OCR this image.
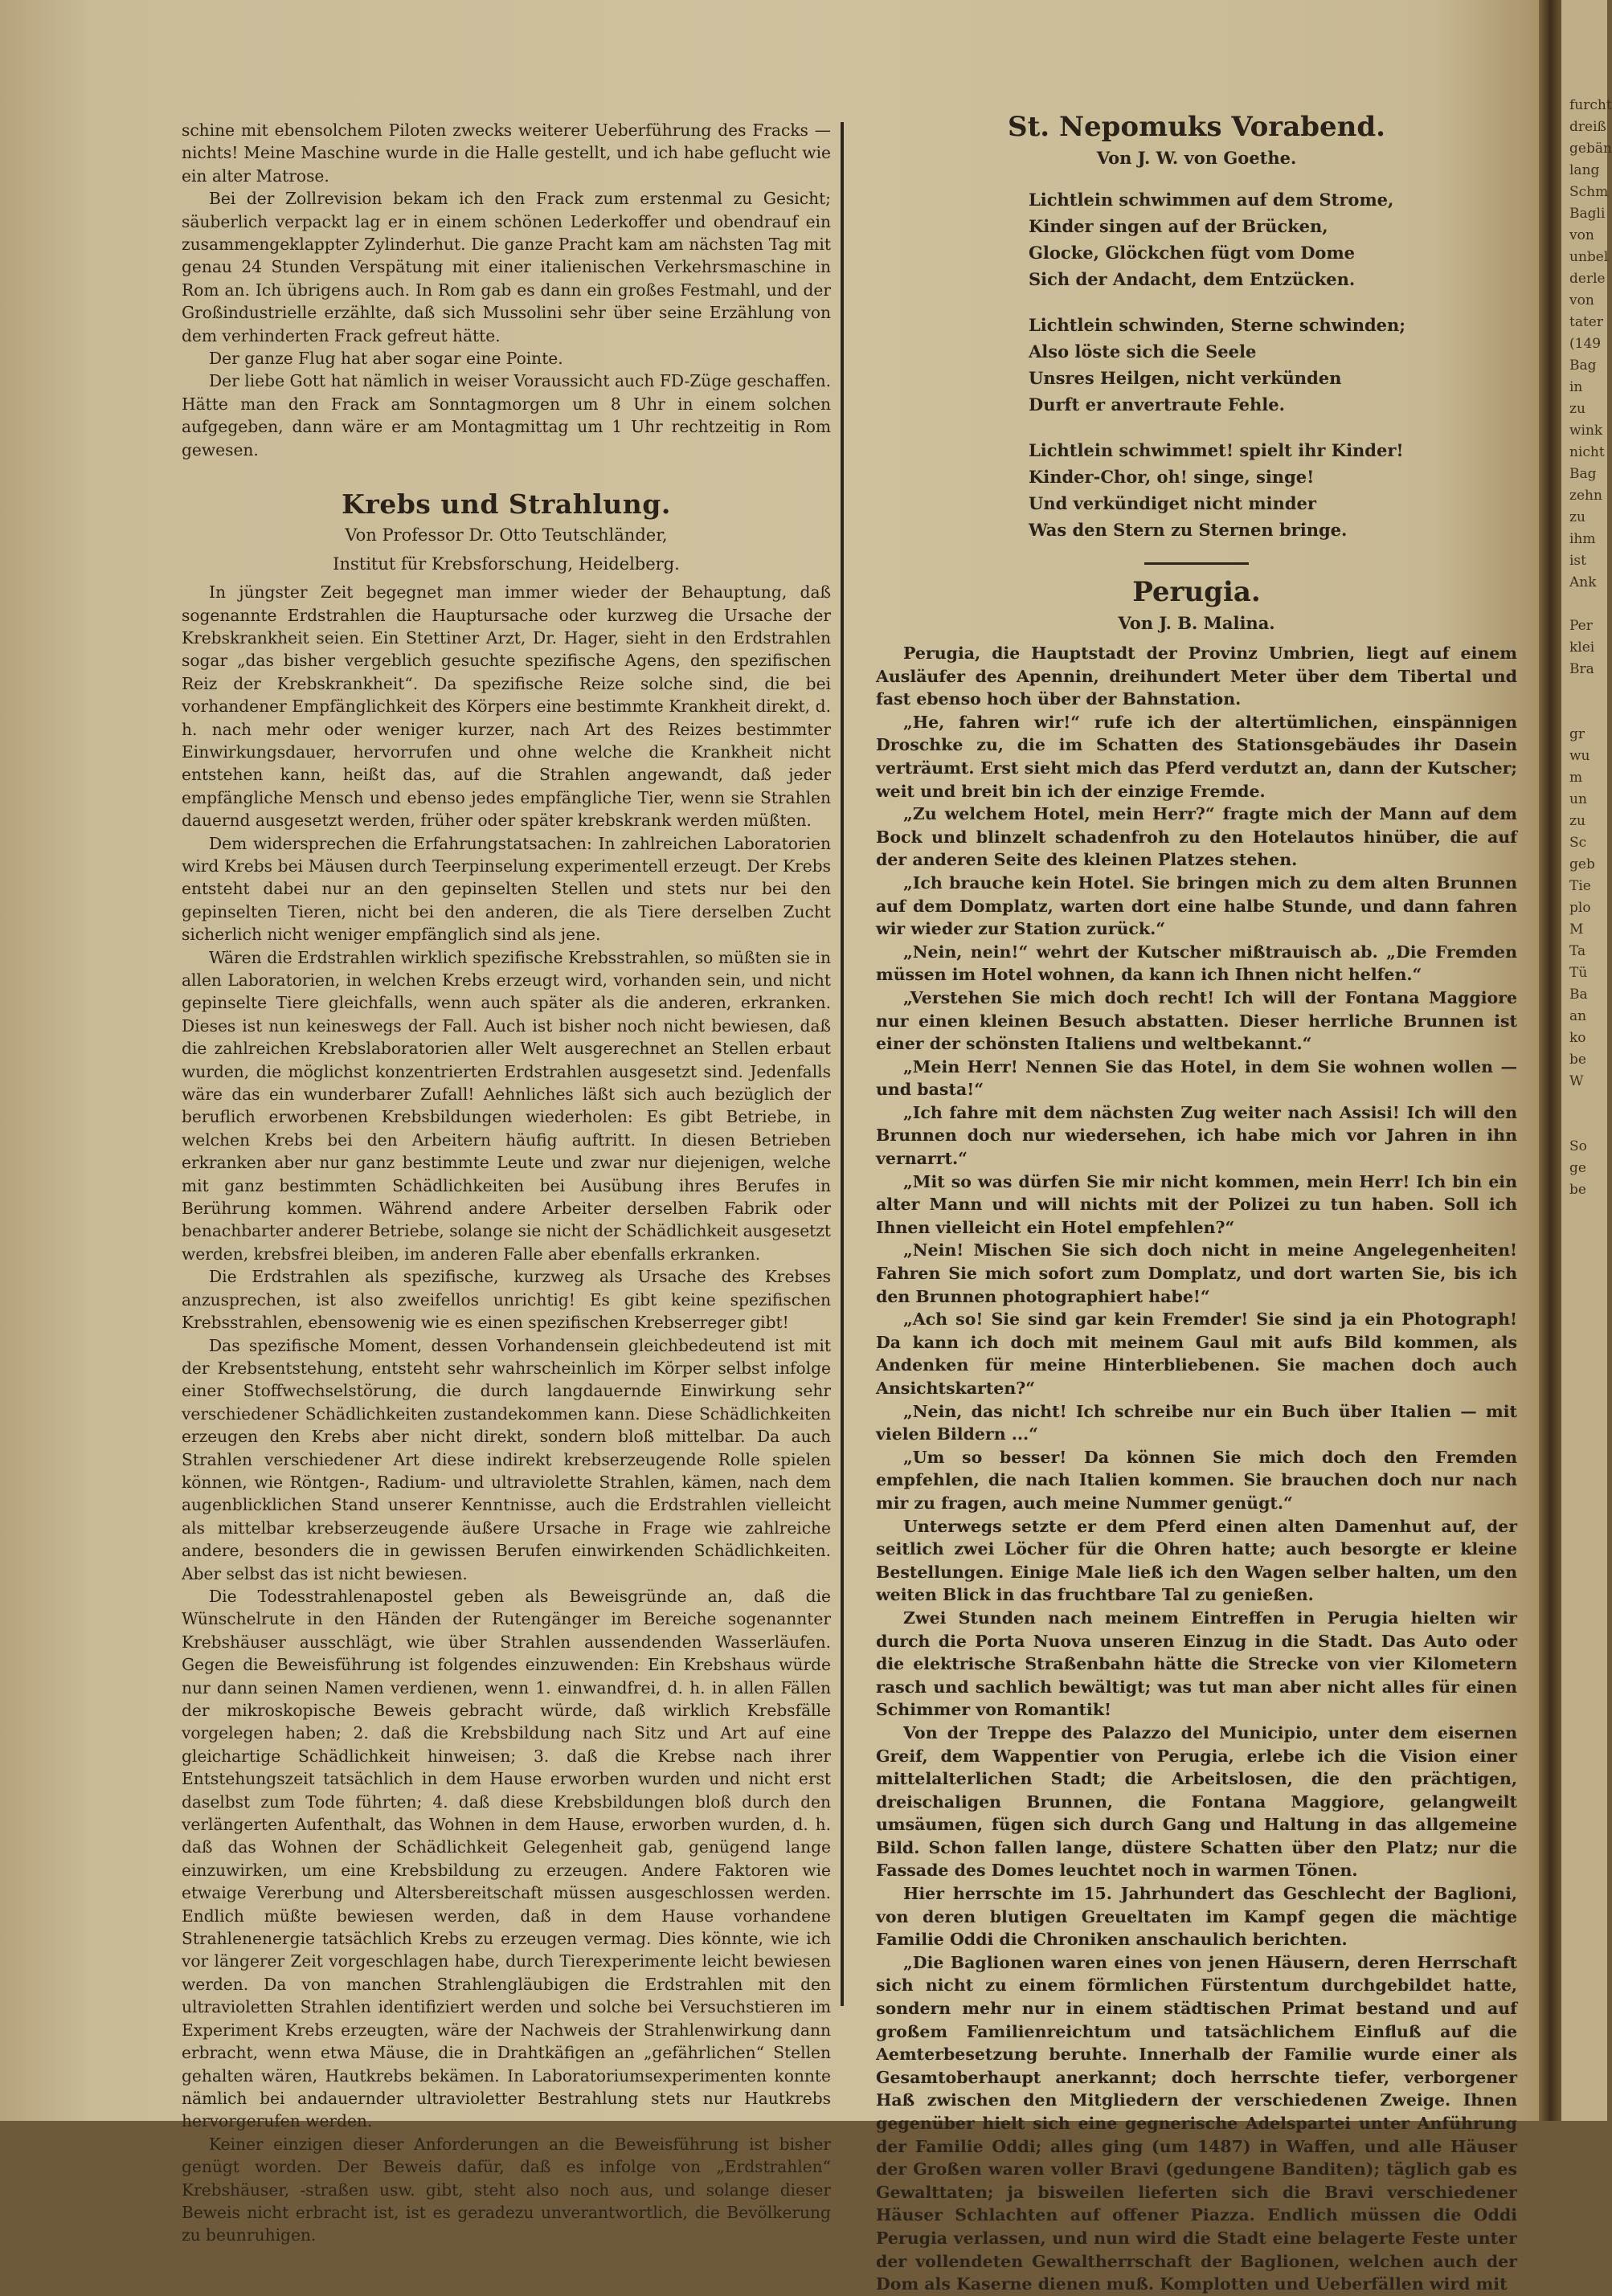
schine mit ebensolchem Piloten zwecks weiterer Ueberführung des Fracks — nichts! Meine Maschine wurde in die Halle gestellt, und ich habe geflucht wie ein alter Matrose.

Bei der Zollrevision bekam ich den Frack zum erstenmal zu Gesicht; säuberlich verpackt lag er in einem schönen Lederkoffer und obendrauf ein zusammengeklappter Zylinderhut. Die ganze Pracht kam am nächsten Tag mit genau 24 Stunden Verspätung mit einer italienischen Verkehrsmaschine in Rom an. Ich übrigens auch. In Rom gab es dann ein großes Festmahl, und der Großindustrielle erzählte, daß sich Mussolini sehr über seine Erzählung von dem verhinderten Frack gefreut hätte.

Der ganze Flug hat aber sogar eine Pointe.

Der liebe Gott hat nämlich in weiser Voraussicht auch FD-Züge geschaffen. Hätte man den Frack am Sonntagmorgen um 8 Uhr in einem solchen aufgegeben, dann wäre er am Montagmittag um 1 Uhr rechtzeitig in Rom gewesen.

Krebs und Strahlung.
Von Professor Dr. Otto Teutschländer,
Institut für Krebsforschung, Heidelberg.

In jüngster Zeit begegnet man immer wieder der Behauptung, daß sogenannte Erdstrahlen die Hauptursache oder kurzweg die Ursache der Krebskrankheit seien. Ein Stettiner Arzt, Dr. Hager, sieht in den Erdstrahlen sogar „das bisher vergeblich gesuchte spezifische Agens, den spezifischen Reiz der Krebskrankheit“. Da spezifische Reize solche sind, die bei vorhandener Empfänglichkeit des Körpers eine bestimmte Krankheit direkt, d. h. nach mehr oder weniger kurzer, nach Art des Reizes bestimmter Einwirkungsdauer, hervorrufen und ohne welche die Krankheit nicht entstehen kann, heißt das, auf die Strahlen angewandt, daß jeder empfängliche Mensch und ebenso jedes empfängliche Tier, wenn sie Strahlen dauernd ausgesetzt werden, früher oder später krebskrank werden müßten.

Dem widersprechen die Erfahrungstatsachen: In zahlreichen Laboratorien wird Krebs bei Mäusen durch Teerpinselung experimentell erzeugt. Der Krebs entsteht dabei nur an den gepinselten Stellen und stets nur bei den gepinselten Tieren, nicht bei den anderen, die als Tiere derselben Zucht sicherlich nicht weniger empfänglich sind als jene.

Wären die Erdstrahlen wirklich spezifische Krebsstrahlen, so müßten sie in allen Laboratorien, in welchen Krebs erzeugt wird, vorhanden sein, und nicht gepinselte Tiere gleichfalls, wenn auch später als die anderen, erkranken. Dieses ist nun keineswegs der Fall. Auch ist bisher noch nicht bewiesen, daß die zahlreichen Krebslaboratorien aller Welt ausgerechnet an Stellen erbaut wurden, die möglichst konzentrierten Erdstrahlen ausgesetzt sind. Jedenfalls wäre das ein wunderbarer Zufall! Aehnliches läßt sich auch bezüglich der beruflich erworbenen Krebsbildungen wiederholen: Es gibt Betriebe, in welchen Krebs bei den Arbeitern häufig auftritt. In diesen Betrieben erkranken aber nur ganz bestimmte Leute und zwar nur diejenigen, welche mit ganz bestimmten Schädlichkeiten bei Ausübung ihres Berufes in Berührung kommen. Während andere Arbeiter derselben Fabrik oder benachbarter anderer Betriebe, solange sie nicht der Schädlichkeit ausgesetzt werden, krebsfrei bleiben, im anderen Falle aber ebenfalls erkranken.

Die Erdstrahlen als spezifische, kurzweg als Ursache des Krebses anzusprechen, ist also zweifellos unrichtig! Es gibt keine spezifischen Krebsstrahlen, ebensowenig wie es einen spezifischen Krebserreger gibt!

Das spezifische Moment, dessen Vorhandensein gleichbedeutend ist mit der Krebsentstehung, entsteht sehr wahrscheinlich im Körper selbst infolge einer Stoffwechselstörung, die durch langdauernde Einwirkung sehr verschiedener Schädlichkeiten zustandekommen kann. Diese Schädlichkeiten erzeugen den Krebs aber nicht direkt, sondern bloß mittelbar. Da auch Strahlen verschiedener Art diese indirekt krebserzeugende Rolle spielen können, wie Röntgen-, Radium- und ultraviolette Strahlen, kämen, nach dem augenblicklichen Stand unserer Kenntnisse, auch die Erdstrahlen vielleicht als mittelbar krebserzeugende äußere Ursache in Frage wie zahlreiche andere, besonders die in gewissen Berufen einwirkenden Schädlichkeiten. Aber selbst das ist nicht bewiesen.

Die Todesstrahlenapostel geben als Beweisgründe an, daß die Wünschelrute in den Händen der Rutengänger im Bereiche sogenannter Krebshäuser ausschlägt, wie über Strahlen aussendenden Wasserläufen. Gegen die Beweisführung ist folgendes einzuwenden: Ein Krebshaus würde nur dann seinen Namen verdienen, wenn 1. einwandfrei, d. h. in allen Fällen der mikroskopische Beweis gebracht würde, daß wirklich Krebsfälle vorgelegen haben; 2. daß die Krebsbildung nach Sitz und Art auf eine gleichartige Schädlichkeit hinweisen; 3. daß die Krebse nach ihrer Entstehungszeit tatsächlich in dem Hause erworben wurden und nicht erst daselbst zum Tode führten; 4. daß diese Krebsbildungen bloß durch den verlängerten Aufenthalt, das Wohnen in dem Hause, erworben wurden, d. h. daß das Wohnen der Schädlichkeit Gelegenheit gab, genügend lange einzuwirken, um eine Krebsbildung zu erzeugen. Andere Faktoren wie etwaige Vererbung und Altersbereitschaft müssen ausgeschlossen werden. Endlich müßte bewiesen werden, daß in dem Hause vorhandene Strahlenenergie tatsächlich Krebs zu erzeugen vermag. Dies könnte, wie ich vor längerer Zeit vorgeschlagen habe, durch Tierexperimente leicht bewiesen werden. Da von manchen Strahlengläubigen die Erdstrahlen mit den ultravioletten Strahlen identifiziert werden und solche bei Versuchstieren im Experiment Krebs erzeugten, wäre der Nachweis der Strahlenwirkung dann erbracht, wenn etwa Mäuse, die in Drahtkäfigen an „gefährlichen“ Stellen gehalten wären, Hautkrebs bekämen. In Laboratoriumsexperimenten konnte nämlich bei andauernder ultravioletter Bestrahlung stets nur Hautkrebs hervorgerufen werden.

Keiner einzigen dieser Anforderungen an die Beweisführung ist bisher genügt worden. Der Beweis dafür, daß es infolge von „Erdstrahlen“ Krebshäuser, -straßen usw. gibt, steht also noch aus, und solange dieser Beweis nicht erbracht ist, ist es geradezu unverantwortlich, die Bevölkerung zu beunruhigen.

St. Nepomuks Vorabend.
Von J. W. von Goethe.
Lichtlein schwimmen auf dem Strome,
Kinder singen auf der Brücken,
Glocke, Glöckchen fügt vom Dome
Sich der Andacht, dem Entzücken.
Lichtlein schwinden, Sterne schwinden;
Also löste sich die Seele
Unsres Heilgen, nicht verkünden
Durft er anvertraute Fehle.
Lichtlein schwimmet! spielt ihr Kinder!
Kinder-Chor, oh! singe, singe!
Und verkündiget nicht minder
Was den Stern zu Sternen bringe.
Perugia.
Von J. B. Malina.

Perugia, die Hauptstadt der Provinz Umbrien, liegt auf einem Ausläufer des Apennin, dreihundert Meter über dem Tibertal und fast ebenso hoch über der Bahnstation.

„He, fahren wir!“ rufe ich der altertümlichen, einspännigen Droschke zu, die im Schatten des Stationsgebäudes ihr Dasein verträumt. Erst sieht mich das Pferd verdutzt an, dann der Kutscher; weit und breit bin ich der einzige Fremde.

„Zu welchem Hotel, mein Herr?“ fragte mich der Mann auf dem Bock und blinzelt schadenfroh zu den Hotelautos hinüber, die auf der anderen Seite des kleinen Platzes stehen.

„Ich brauche kein Hotel. Sie bringen mich zu dem alten Brunnen auf dem Domplatz, warten dort eine halbe Stunde, und dann fahren wir wieder zur Station zurück.“

„Nein, nein!“ wehrt der Kutscher mißtrauisch ab. „Die Fremden müssen im Hotel wohnen, da kann ich Ihnen nicht helfen.“

„Verstehen Sie mich doch recht! Ich will der Fontana Maggiore nur einen kleinen Besuch abstatten. Dieser herrliche Brunnen ist einer der schönsten Italiens und weltbekannt.“

„Mein Herr! Nennen Sie das Hotel, in dem Sie wohnen wollen — und basta!“

„Ich fahre mit dem nächsten Zug weiter nach Assisi! Ich will den Brunnen doch nur wiedersehen, ich habe mich vor Jahren in ihn vernarrt.“

„Mit so was dürfen Sie mir nicht kommen, mein Herr! Ich bin ein alter Mann und will nichts mit der Polizei zu tun haben. Soll ich Ihnen vielleicht ein Hotel empfehlen?“

„Nein! Mischen Sie sich doch nicht in meine Angelegenheiten! Fahren Sie mich sofort zum Domplatz, und dort warten Sie, bis ich den Brunnen photographiert habe!“

„Ach so! Sie sind gar kein Fremder! Sie sind ja ein Photograph! Da kann ich doch mit meinem Gaul mit aufs Bild kommen, als Andenken für meine Hinterbliebenen. Sie machen doch auch Ansichtskarten?“

„Nein, das nicht! Ich schreibe nur ein Buch über Italien — mit vielen Bildern ...“

„Um so besser! Da können Sie mich doch den Fremden empfehlen, die nach Italien kommen. Sie brauchen doch nur nach mir zu fragen, auch meine Nummer genügt.“

Unterwegs setzte er dem Pferd einen alten Damenhut auf, der seitlich zwei Löcher für die Ohren hatte; auch besorgte er kleine Bestellungen. Einige Male ließ ich den Wagen selber halten, um den weiten Blick in das fruchtbare Tal zu genießen.

Zwei Stunden nach meinem Eintreffen in Perugia hielten wir durch die Porta Nuova unseren Einzug in die Stadt. Das Auto oder die elektrische Straßenbahn hätte die Strecke von vier Kilometern rasch und sachlich bewältigt; was tut man aber nicht alles für einen Schimmer von Romantik!

Von der Treppe des Palazzo del Municipio, unter dem eisernen Greif, dem Wappentier von Perugia, erlebe ich die Vision einer mittelalterlichen Stadt; die Arbeitslosen, die den prächtigen, dreischaligen Brunnen, die Fontana Maggiore, gelangweilt umsäumen, fügen sich durch Gang und Haltung in das allgemeine Bild. Schon fallen lange, düstere Schatten über den Platz; nur die Fassade des Domes leuchtet noch in warmen Tönen.

Hier herrschte im 15. Jahrhundert das Geschlecht der Baglioni, von deren blutigen Greueltaten im Kampf gegen die mächtige Familie Oddi die Chroniken anschaulich berichten.

„Die Baglionen waren eines von jenen Häusern, deren Herrschaft sich nicht zu einem förmlichen Fürstentum durchgebildet hatte, sondern mehr nur in einem städtischen Primat bestand und auf großem Familienreichtum und tatsächlichem Einfluß auf die Aemterbesetzung beruhte. Innerhalb der Familie wurde einer als Gesamtoberhaupt anerkannt; doch herrschte tiefer, verborgener Haß zwischen den Mitgliedern der verschiedenen Zweige. Ihnen gegenüber hielt sich eine gegnerische Adelspartei unter Anführung der Familie Oddi; alles ging (um 1487) in Waffen, und alle Häuser der Großen waren voller Bravi (gedungene Banditen); täglich gab es Gewalttaten; ja bisweilen lieferten sich die Bravi verschiedener Häuser Schlachten auf offener Piazza. Endlich müssen die Oddi Perugia verlassen, und nun wird die Stadt eine belagerte Feste unter der vollendeten Gewaltherrschaft der Baglionen, welchen auch der Dom als Kaserne dienen muß. Komplotten und Ueberfällen wird mit

furcht
dreiß
gebän
lang
Schm
Bagli
von
unbel
derle
von
tater
(149
Bag
in
zu
wink
nicht
Bag
zehn
zu
ihm
ist
Ank

Per
klei
Bra

gr
wu
m
un
zu
Sc
geb
Tie
plo
M
Ta
Tü
Ba
an
ko
be
W

So
ge
be
